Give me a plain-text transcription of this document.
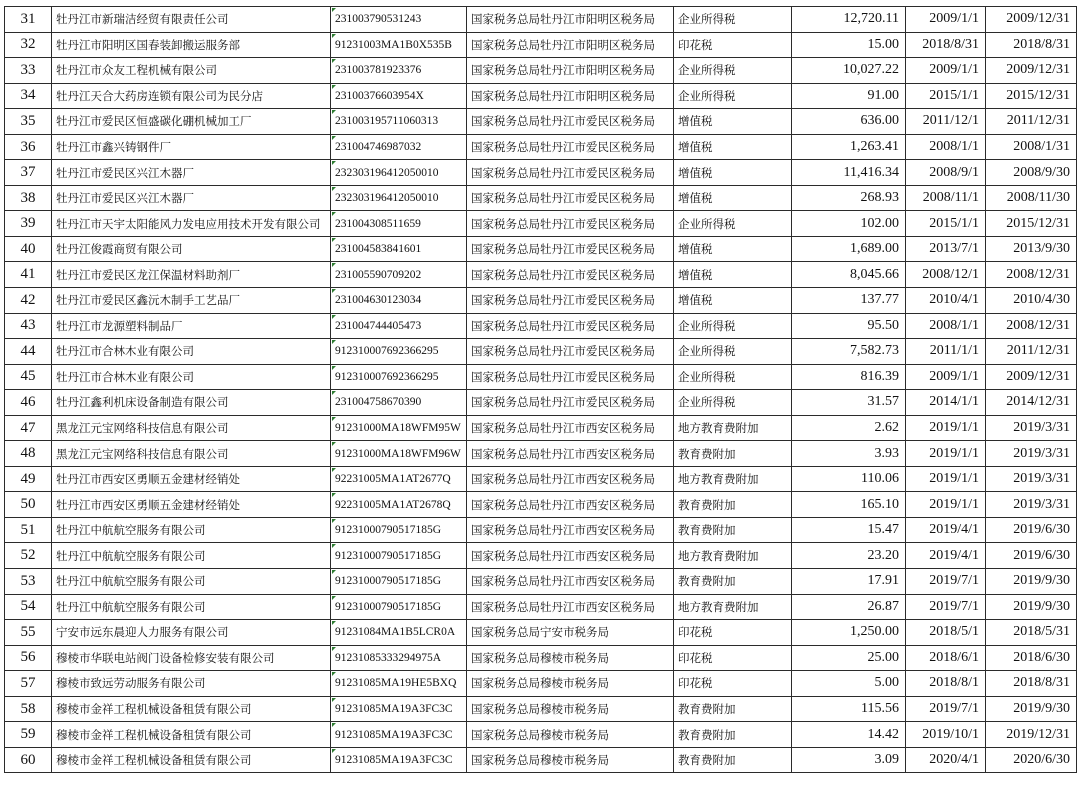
31	牡丹江市新瑞洁经贸有限责任公司	231003790531243	国家税务总局牡丹江市阳明区税务局	企业所得税	12,720.11	2009/1/1	2009/12/31
32	牡丹江市阳明区国春装卸搬运服务部	91231003MA1B0X535B	国家税务总局牡丹江市阳明区税务局	印花税	15.00	2018/8/31	2018/8/31
33	牡丹江市众友工程机械有限公司	231003781923376	国家税务总局牡丹江市阳明区税务局	企业所得税	10,027.22	2009/1/1	2009/12/31
34	牡丹江天合大药房连锁有限公司为民分店	23100376603954X	国家税务总局牡丹江市阳明区税务局	企业所得税	91.00	2015/1/1	2015/12/31
35	牡丹江市爱民区恒盛碳化硼机械加工厂	231003195711060313	国家税务总局牡丹江市爱民区税务局	增值税	636.00	2011/12/1	2011/12/31
36	牡丹江市鑫兴铸钢件厂	231004746987032	国家税务总局牡丹江市爱民区税务局	增值税	1,263.41	2008/1/1	2008/1/31
37	牡丹江市爱民区兴江木器厂	232303196412050010	国家税务总局牡丹江市爱民区税务局	增值税	11,416.34	2008/9/1	2008/9/30
38	牡丹江市爱民区兴江木器厂	232303196412050010	国家税务总局牡丹江市爱民区税务局	增值税	268.93	2008/11/1	2008/11/30
39	牡丹江市天宇太阳能风力发电应用技术开发有限公司	231004308511659	国家税务总局牡丹江市爱民区税务局	企业所得税	102.00	2015/1/1	2015/12/31
40	牡丹江俊霞商贸有限公司	231004583841601	国家税务总局牡丹江市爱民区税务局	增值税	1,689.00	2013/7/1	2013/9/30
41	牡丹江市爱民区龙江保温材料助剂厂	231005590709202	国家税务总局牡丹江市爱民区税务局	增值税	8,045.66	2008/12/1	2008/12/31
42	牡丹江市爱民区鑫沅木制手工艺品厂	231004630123034	国家税务总局牡丹江市爱民区税务局	增值税	137.77	2010/4/1	2010/4/30
43	牡丹江市龙源塑料制品厂	231004744405473	国家税务总局牡丹江市爱民区税务局	企业所得税	95.50	2008/1/1	2008/12/31
44	牡丹江市合林木业有限公司	912310007692366295	国家税务总局牡丹江市爱民区税务局	企业所得税	7,582.73	2011/1/1	2011/12/31
45	牡丹江市合林木业有限公司	912310007692366295	国家税务总局牡丹江市爱民区税务局	企业所得税	816.39	2009/1/1	2009/12/31
46	牡丹江鑫利机床设备制造有限公司	231004758670390	国家税务总局牡丹江市爱民区税务局	企业所得税	31.57	2014/1/1	2014/12/31
47	黑龙江元宝网络科技信息有限公司	91231000MA18WFM95W	国家税务总局牡丹江市西安区税务局	地方教育费附加	2.62	2019/1/1	2019/3/31
48	黑龙江元宝网络科技信息有限公司	91231000MA18WFM96W	国家税务总局牡丹江市西安区税务局	教育费附加	3.93	2019/1/1	2019/3/31
49	牡丹江市西安区勇顺五金建材经销处	92231005MA1AT2677Q	国家税务总局牡丹江市西安区税务局	地方教育费附加	110.06	2019/1/1	2019/3/31
50	牡丹江市西安区勇顺五金建材经销处	92231005MA1AT2678Q	国家税务总局牡丹江市西安区税务局	教育费附加	165.10	2019/1/1	2019/3/31
51	牡丹江中航航空服务有限公司	91231000790517185G	国家税务总局牡丹江市西安区税务局	教育费附加	15.47	2019/4/1	2019/6/30
52	牡丹江中航航空服务有限公司	91231000790517185G	国家税务总局牡丹江市西安区税务局	地方教育费附加	23.20	2019/4/1	2019/6/30
53	牡丹江中航航空服务有限公司	91231000790517185G	国家税务总局牡丹江市西安区税务局	教育费附加	17.91	2019/7/1	2019/9/30
54	牡丹江中航航空服务有限公司	91231000790517185G	国家税务总局牡丹江市西安区税务局	地方教育费附加	26.87	2019/7/1	2019/9/30
55	宁安市远东晨迎人力服务有限公司	91231084MA1B5LCR0A	国家税务总局宁安市税务局	印花税	1,250.00	2018/5/1	2018/5/31
56	穆棱市华联电站阀门设备检修安装有限公司	91231085333294975A	国家税务总局穆棱市税务局	印花税	25.00	2018/6/1	2018/6/30
57	穆棱市致远劳动服务有限公司	91231085MA19HE5BXQ	国家税务总局穆棱市税务局	印花税	5.00	2018/8/1	2018/8/31
58	穆棱市金祥工程机械设备租赁有限公司	91231085MA19A3FC3C	国家税务总局穆棱市税务局	教育费附加	115.56	2019/7/1	2019/9/30
59	穆棱市金祥工程机械设备租赁有限公司	91231085MA19A3FC3C	国家税务总局穆棱市税务局	教育费附加	14.42	2019/10/1	2019/12/31
60	穆棱市金祥工程机械设备租赁有限公司	91231085MA19A3FC3C	国家税务总局穆棱市税务局	教育费附加	3.09	2020/4/1	2020/6/30
